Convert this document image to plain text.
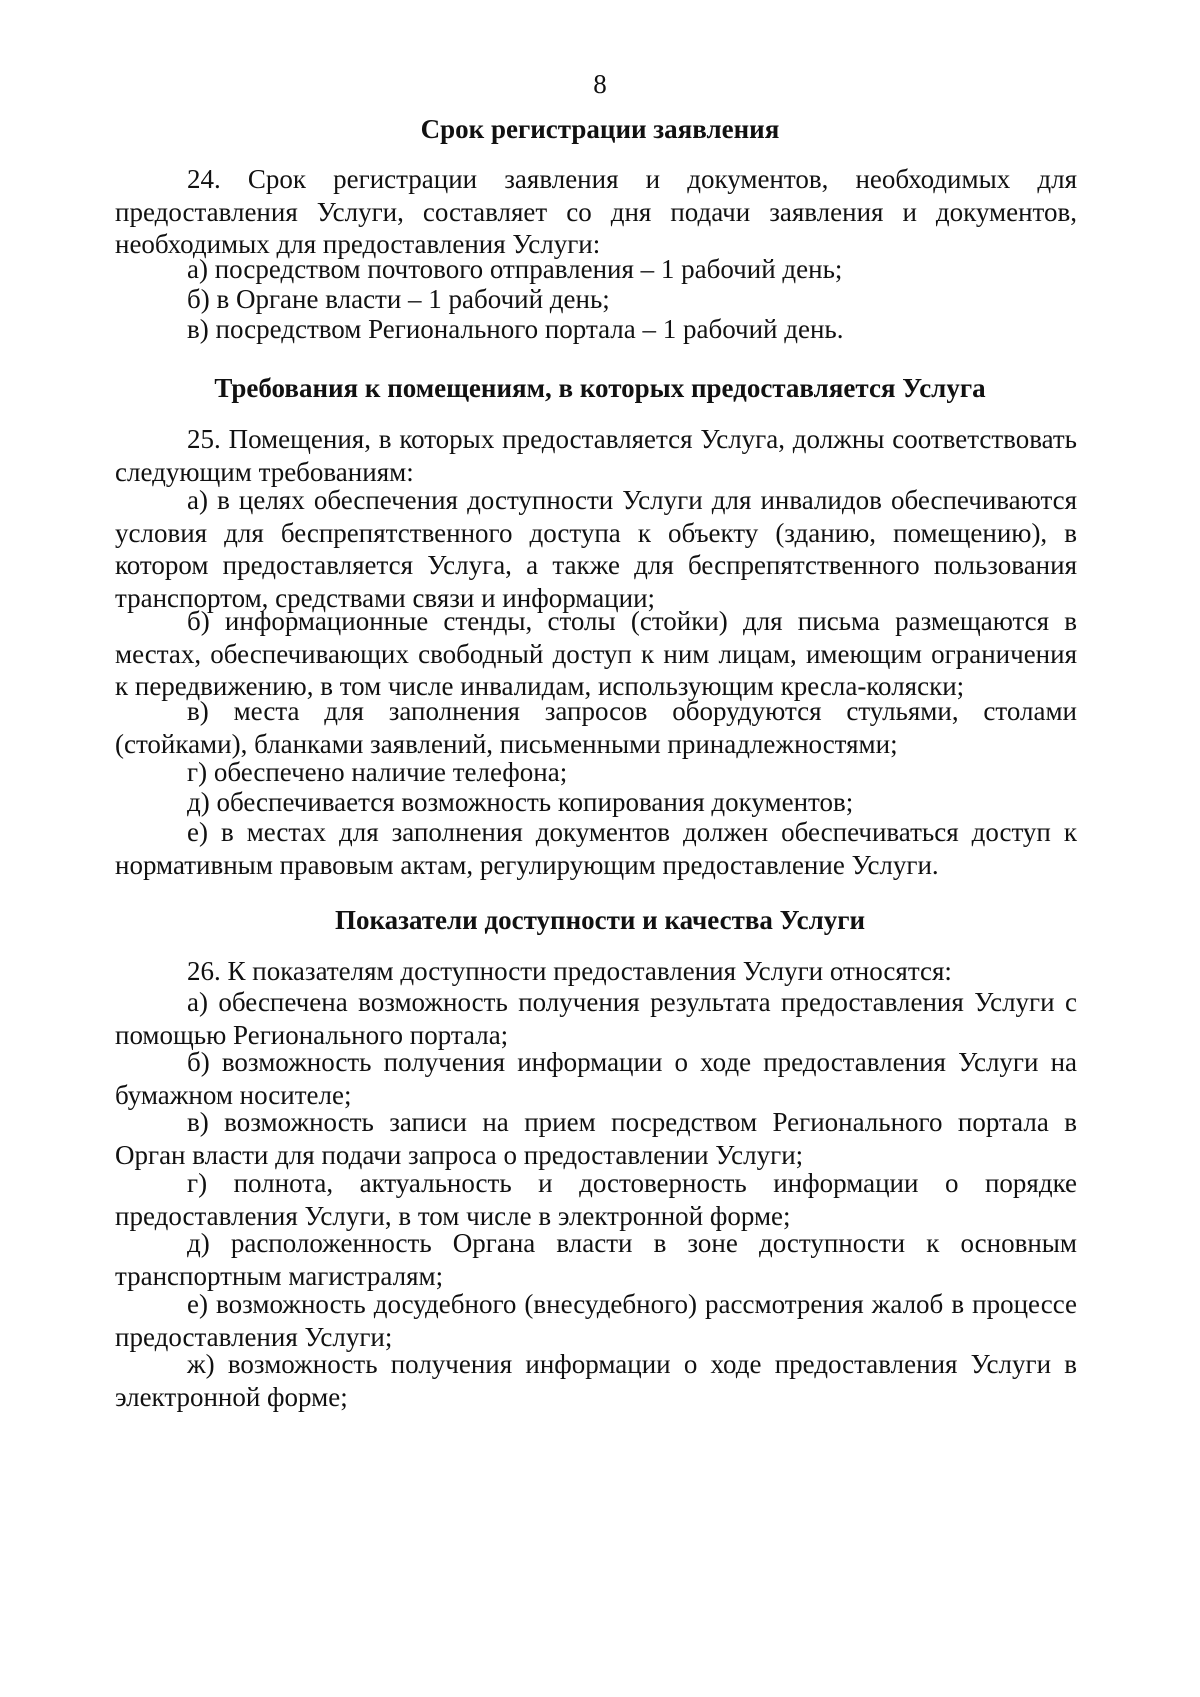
8
Срок регистрации заявления

24. Срок регистрации заявления и документов, необходимых для предоставления Услуги, составляет со дня подачи заявления и документов, необходимых для предоставления Услуги:

а) посредством почтового отправления – 1 рабочий день;

б) в Органе власти – 1 рабочий день;

в) посредством Регионального портала – 1 рабочий день.

Требования к помещениям, в которых предоставляется Услуга

25. Помещения, в которых предоставляется Услуга, должны соответствовать следующим требованиям:

а) в целях обеспечения доступности Услуги для инвалидов обеспечиваются условия для беспрепятственного доступа к объекту (зданию, помещению), в котором предоставляется Услуга, а также для беспрепятственного пользования транспортом, средствами связи и информации;

б) информационные стенды, столы (стойки) для письма размещаются в местах, обеспечивающих свободный доступ к ним лицам, имеющим ограничения к передвижению, в том числе инвалидам, использующим кресла-коляски;

в) места для заполнения запросов оборудуются стульями, столами (стойками), бланками заявлений, письменными принадлежностями;

г) обеспечено наличие телефона;

д) обеспечивается возможность копирования документов;

е) в местах для заполнения документов должен обеспечиваться доступ к нормативным правовым актам, регулирующим предоставление Услуги.

Показатели доступности и качества Услуги

26. К показателям доступности предоставления Услуги относятся:

а) обеспечена возможность получения результата предоставления Услуги с помощью Регионального портала;

б) возможность получения информации о ходе предоставления Услуги на бумажном носителе;

в) возможность записи на прием посредством Регионального портала в Орган власти для подачи запроса о предоставлении Услуги;

г) полнота, актуальность и достоверность информации о порядке предоставления Услуги, в том числе в электронной форме;

д) расположенность Органа власти в зоне доступности к основным транспортным магистралям;

е) возможность досудебного (внесудебного) рассмотрения жалоб в процессе предоставления Услуги;

ж) возможность получения информации о ходе предоставления Услуги в электронной форме;
